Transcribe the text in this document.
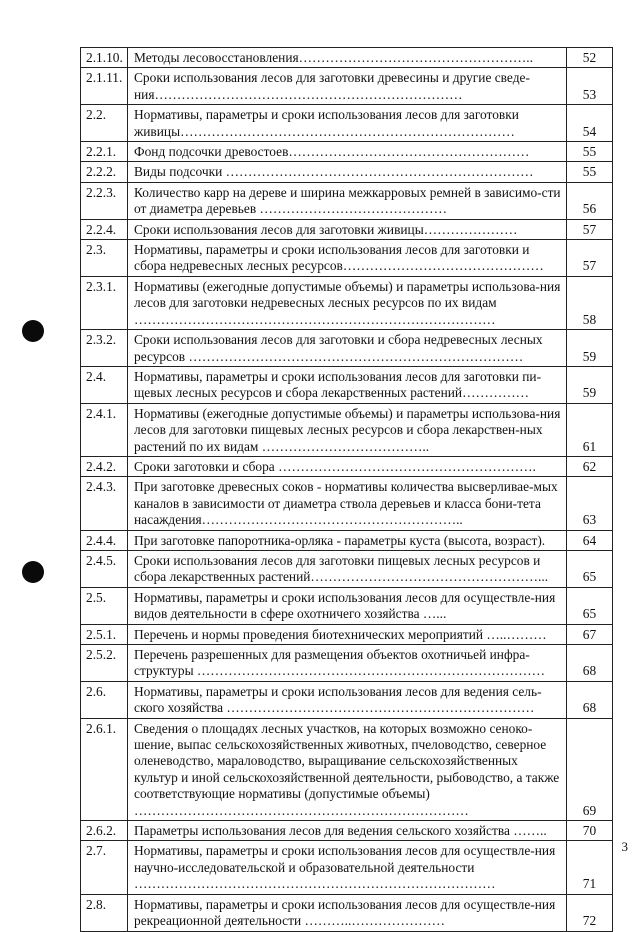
2.1.10.	Методы лесовосстановления……………………………………………..	52
2.1.11.	Сроки использования лесов для заготовки древесины и другие сведе-ния……………………………………………………………	53
2.2.	Нормативы, параметры и сроки использования лесов для заготовки живицы…………………………………………………………………	54
2.2.1.	Фонд подсочки древостоев………………………………………………	55
2.2.2.	Виды подсочки ……………………………………………………………	55
2.2.3.	Количество карр на дереве и ширина межкарровых ремней в зависимо-сти от диаметра деревьев ……………………………………	56
2.2.4.	Сроки использования лесов для заготовки живицы…………………	57
2.3.	Нормативы, параметры и сроки использования лесов для заготовки и сбора недревесных лесных ресурсов………………………………………	57
2.3.1.	Нормативы (ежегодные допустимые объемы) и параметры использова-ния лесов для заготовки недревесных лесных ресурсов по их видам ………………………………………………………………………	58
2.3.2.	Сроки использования лесов для заготовки и сбора недревесных лесных ресурсов …………………………………………………………………	59
2.4.	Нормативы, параметры и сроки использования лесов для заготовки пи-щевых лесных ресурсов и сбора лекарственных растений……………	59
2.4.1.	Нормативы (ежегодные допустимые объемы) и параметры использова-ния лесов для заготовки пищевых лесных ресурсов и сбора лекарствен-ных растений по их видам ………………………………..	61
2.4.2.	Сроки заготовки и сбора ………………………………………………….	62
2.4.3.	При заготовке древесных соков - нормативы количества высверливае-мых каналов в зависимости от диаметра ствола деревьев и класса бони-тета насаждения…………………………………………………..	63
2.4.4.	При заготовке папоротника-орляка - параметры куста (высота, возраст).	64
2.4.5.	Сроки использования лесов для заготовки пищевых лесных ресурсов и сбора лекарственных растений……………………………………………...	65
2.5.	Нормативы, параметры и сроки использования лесов для осуществле-ния видов деятельности в сфере охотничего хозяйства …...	65
2.5.1.	Перечень и нормы проведения биотехнических мероприятий …..………	67
2.5.2.	Перечень разрешенных для размещения объектов охотничьей инфра-структуры ……………………………………………………………………	68
2.6.	Нормативы, параметры и сроки использования лесов для ведения сель-ского хозяйства ……………………………………………………………	68
2.6.1.	Сведения о площадях лесных участков, на которых возможно сеноко-шение, выпас сельскохозяйственных животных, пчеловодство, северное оленеводство, мараловодство, выращивание сельскохозяйственных культур и иной сельскохозяйственной деятельности, рыбоводство, а также соответствующие нормативы (допустимые объемы) …………………………………………………………………	69
2.6.2.	Параметры использования лесов для ведения сельского хозяйства ……..	70
2.7.	Нормативы, параметры и сроки использования лесов для осуществле-ния научно-исследовательской и образовательной деятельности ………………………………………………………………………	71
2.8.	Нормативы, параметры и сроки использования лесов для осуществле-ния рекреационной деятельности ………..…………………	72
3
